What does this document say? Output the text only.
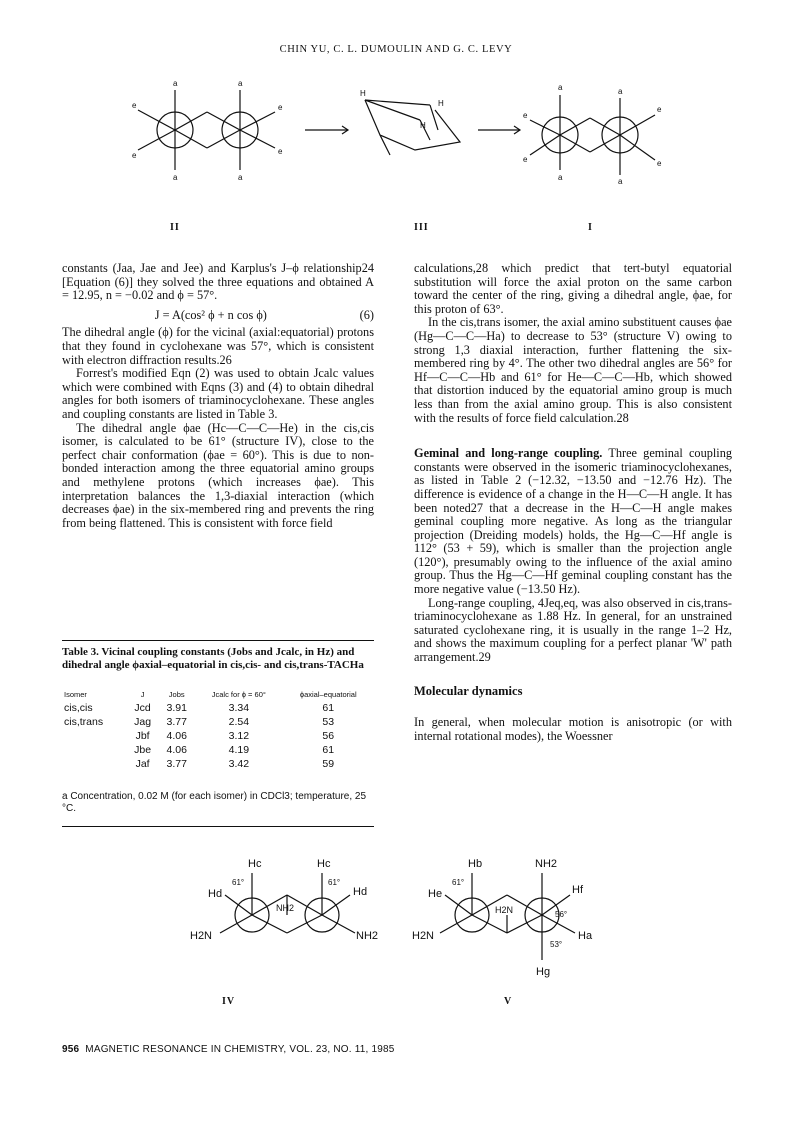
CHIN YU, C. L. DUMOULIN AND G. C. LEVY
a	a
a	a
e
e
e
e
H
H
H
a	a
a	a
e
e
e
e
II	III	I

constants (Jaa, Jae and Jee) and Karplus's J–ϕ relationship24 [Equation (6)] they solved the three equations and obtained A = 12.95, n = −0.02 and ϕ = 57°.

J = A(cos² ϕ + n cos ϕ)	(6)

The dihedral angle (ϕ) for the vicinal (axial:equatorial) protons that they found in cyclohexane was 57°, which is consistent with electron diffraction results.26

Forrest's modified Eqn (2) was used to obtain Jcalc values which were combined with Eqns (3) and (4) to obtain dihedral angles for both isomers of triaminocyclohexane. These angles and coupling constants are listed in Table 3.

The dihedral angle ϕae (Hc—C—C—He) in the cis,cis isomer, is calculated to be 61° (structure IV), close to the perfect chair conformation (ϕae = 60°). This is due to non-bonded interaction among the three equatorial amino groups and methylene protons (which increases ϕae). This interpretation balances the 1,3-diaxial interaction (which decreases ϕae) in the six-membered ring and prevents the ring from being flattened. This is consistent with force field

Table 3. Vicinal coupling constants (Jobs and Jcalc, in Hz) and dihedral angle ϕaxial–equatorial in cis,cis- and cis,trans-TACHa
Isomer	J	Jobs	Jcalc for ϕ = 60°	ϕaxial–equatorial
cis,cis	Jcd	3.91	3.34	61
cis,trans	Jag	3.77	2.54	53
	Jbf	4.06	3.12	56
	Jbe	4.06	4.19	61
	Jaf	3.77	3.42	59
a Concentration, 0.02 M (for each isomer) in CDCl3; temperature, 25 °C.

calculations,28 which predict that tert-butyl equatorial substitution will force the axial proton on the same carbon toward the center of the ring, giving a dihedral angle, ϕae, for this proton of 63°.

In the cis,trans isomer, the axial amino substituent causes ϕae (Hg—C—C—Ha) to decrease to 53° (structure V) owing to strong 1,3 diaxial interaction, further flattening the six-membered ring by 4°. The other two dihedral angles are 56° for Hf—C—C—Hb and 61° for He—C—C—Hb, which showed that distortion induced by the equatorial amino group is much less than from the axial amino group. This is also consistent with the results of force field calculation.28

Geminal and long-range coupling. Three geminal coupling constants were observed in the isomeric triaminocyclohexanes, as listed in Table 2 (−12.32, −13.50 and −12.76 Hz). The difference is evidence of a change in the H—C—H angle. It has been noted27 that a decrease in the H—C—H angle makes geminal coupling more negative. As long as the triangular projection (Dreiding models) holds, the Hg—C—Hf angle is 112° (53 + 59), which is smaller than the projection angle (120°), presumably owing to the influence of the axial amino group. Thus the Hg—C—Hf geminal coupling constant has the more negative value (−13.50 Hz).

Long-range coupling, 4Jeq,eq, was also observed in cis,trans-triaminocyclohexane as 1.88 Hz. In general, for an unstrained saturated cyclohexane ring, it is usually in the range 1–2 Hz, and shows the maximum coupling for a perfect planar 'W' path arrangement.29

Molecular dynamics

In general, when molecular motion is anisotropic (or with internal rotational modes), the Woessner

Hc	Hc
Hd	Hd
H2N
NH2
NH2
61°	61°
Hb	NH2
He	Hf
H2N
H2N
Ha
Hg
61°
56°
53°
IV	V
956 MAGNETIC RESONANCE IN CHEMISTRY, VOL. 23, NO. 11, 1985
